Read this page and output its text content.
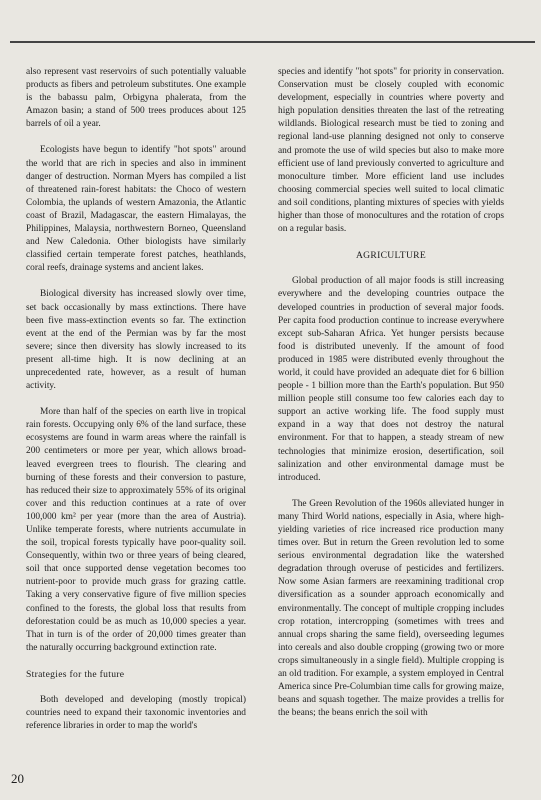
also represent vast reservoirs of such potentially valuable products as fibers and petroleum substitutes. One example is the babassu palm, Orbigyna phalerata, from the Amazon basin; a stand of 500 trees produces about 125 barrels of oil a year.

Ecologists have begun to identify "hot spots" around the world that are rich in species and also in imminent danger of destruction. Norman Myers has compiled a list of threatened rain-forest habitats: the Choco of western Colombia, the uplands of western Amazonia, the Atlantic coast of Brazil, Madagascar, the eastern Himalayas, the Philippines, Malaysia, northwestern Borneo, Queensland and New Caledonia. Other biologists have similarly classified certain temperate forest patches, heathlands, coral reefs, drainage systems and ancient lakes.

Biological diversity has increased slowly over time, set back occasionally by mass extinctions. There have been five mass-extinction events so far. The extinction event at the end of the Permian was by far the most severe; since then diversity has slowly increased to its present all-time high. It is now declining at an unprecedented rate, however, as a result of human activity.

More than half of the species on earth live in tropical rain forests. Occupying only 6% of the land surface, these ecosystems are found in warm areas where the rainfall is 200 centimeters or more per year, which allows broad-leaved evergreen trees to flourish. The clearing and burning of these forests and their conversion to pasture, has reduced their size to approximately 55% of its original cover and this reduction continues at a rate of over 100,000 km² per year (more than the area of Austria). Unlike temperate forests, where nutrients accumulate in the soil, tropical forests typically have poor-quality soil. Consequently, within two or three years of being cleared, soil that once supported dense vegetation becomes too nutrient-poor to provide much grass for grazing cattle. Taking a very conservative figure of five million species confined to the forests, the global loss that results from deforestation could be as much as 10,000 species a year. That in turn is of the order of 20,000 times greater than the naturally occurring background extinction rate.

Strategies for the future

Both developed and developing (mostly tropical) countries need to expand their taxonomic inventories and reference libraries in order to map the world's

species and identify "hot spots" for priority in conservation. Conservation must be closely coupled with economic development, especially in countries where poverty and high population densities threaten the last of the retreating wildlands. Biological research must be tied to zoning and regional land-use planning designed not only to conserve and promote the use of wild species but also to make more efficient use of land previously converted to agriculture and monoculture timber. More efficient land use includes choosing commercial species well suited to local climatic and soil conditions, planting mixtures of species with yields higher than those of monocultures and the rotation of crops on a regular basis.

AGRICULTURE

Global production of all major foods is still increasing everywhere and the developing countries outpace the developed countries in production of several major foods. Per capita food production continue to increase everywhere except sub-Saharan Africa. Yet hunger persists because food is distributed unevenly. If the amount of food produced in 1985 were distributed evenly throughout the world, it could have provided an adequate diet for 6 billion people - 1 billion more than the Earth's population. But 950 million people still consume too few calories each day to support an active working life. The food supply must expand in a way that does not destroy the natural environment. For that to happen, a steady stream of new technologies that minimize erosion, desertification, soil salinization and other environmental damage must be introduced.

The Green Revolution of the 1960s alleviated hunger in many Third World nations, especially in Asia, where high-yielding varieties of rice increased rice production many times over. But in return the Green revolution led to some serious environmental degradation like the watershed degradation through overuse of pesticides and fertilizers. Now some Asian farmers are reexamining traditional crop diversification as a sounder approach economically and environmentally. The concept of multiple cropping includes crop rotation, intercropping (sometimes with trees and annual crops sharing the same field), overseeding legumes into cereals and also double cropping (growing two or more crops simultaneously in a single field). Multiple cropping is an old tradition. For example, a system employed in Central America since Pre-Columbian time calls for growing maize, beans and squash together. The maize provides a trellis for the beans; the beans enrich the soil with

20
